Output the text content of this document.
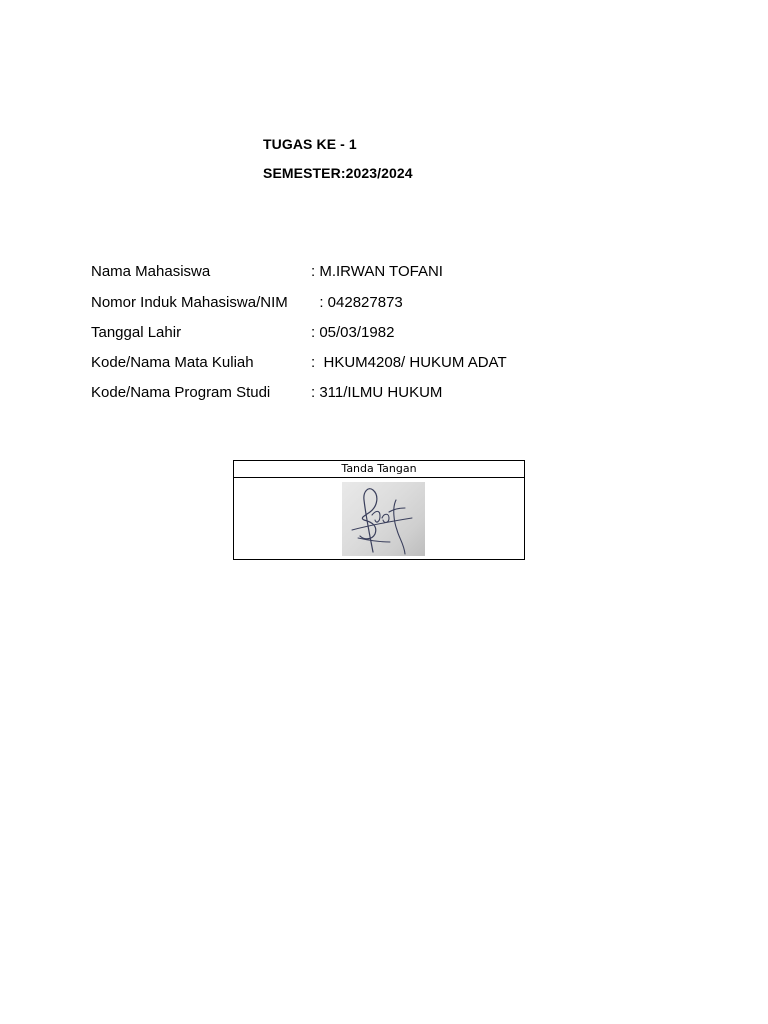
TUGAS KE - 1
SEMESTER:2023/2024
Nama Mahasiswa	: M.IRWAN TOFANI
Nomor Induk Mahasiswa/NIM : 042827873
Tanggal Lahir	: 05/03/1982
Kode/Nama Mata Kuliah	:  HKUM4208/ HUKUM ADAT
Kode/Nama Program Studi	: 311/ILMU HUKUM
Tanda Tangan
